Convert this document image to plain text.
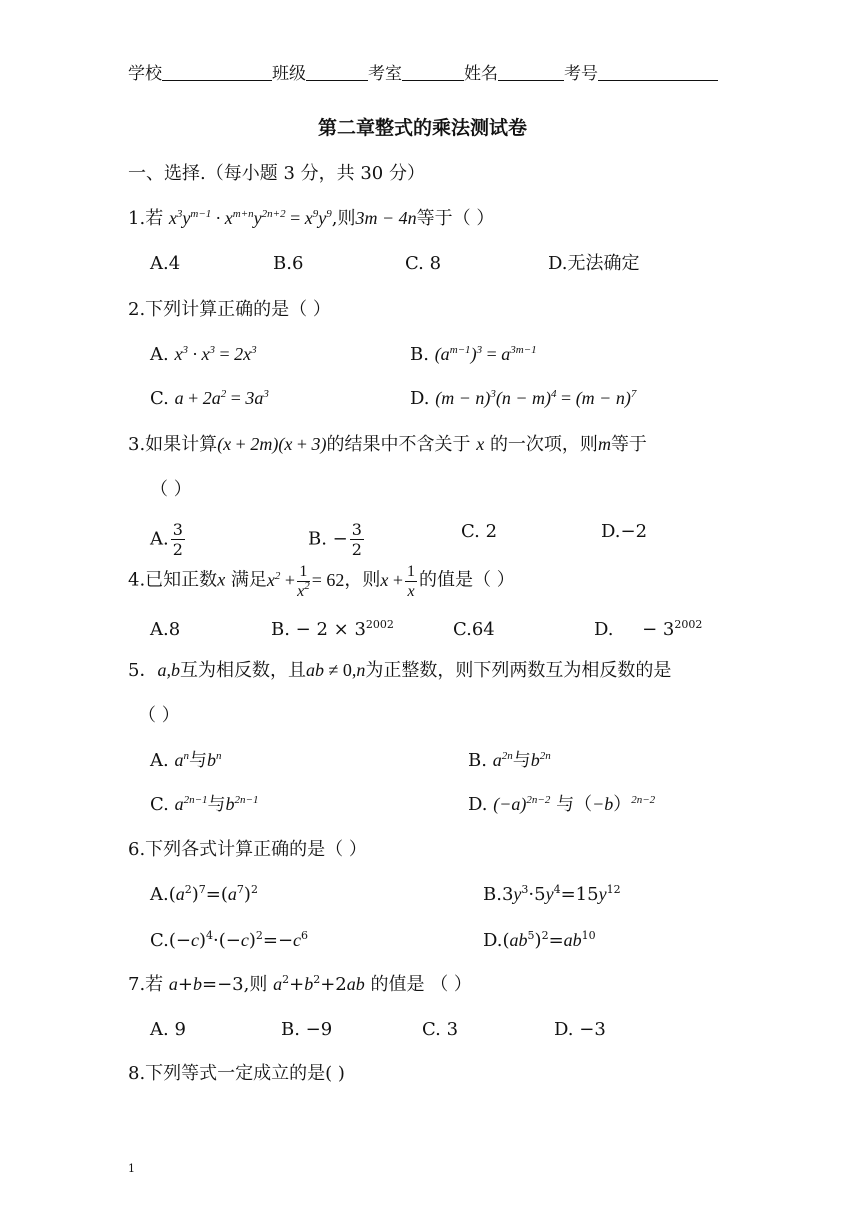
学校	班级	考室	姓名	考号
第二章整式的乘法测试卷
一、选择.（每小题 3 分，共 30 分）
1.若 $x^3y^{m-1} \cdot x^{m+n}y^{2n+2} = x^9y^9$,则3m − 4n等于（ ）
A.4	B.6	C. 8	D.无法确定
2.下列计算正确的是（ ）
A. $x^3 \cdot x^3 = 2x^3$	B. $(a^{m-1})^3 = a^{3m-1}$
C. $a + 2a^2 = 3a^3$	D. $(m - n)^3(n - m)^4 = (m - n)^7$
3.如果计算(x + 2m)(x + 3)的结果中不含关于 x 的一次项，则m等于
（ ）
A. $\frac{3}{2}$	B. − $\frac{3}{2}$	C. 2	D.−2
4.已知正数x 满足$x^2 + \frac{1}{x^2} = 62$，则$x + \frac{1}{x}$ 的值是（ ）
A.8	B. − $2 \times 3^{2002}$	C.64	D.     − $3^{2002}$
5．a,b互为相反数，且ab ≠ 0,n为正整数，则下列两数互为相反数的是
（ ）
A. $a^n$与$b^n$	B. $a^{2n}$与$b^{2n}$
C. $a^{2n-1}$与$b^{2n-1}$	D. $(-a)^{2n-2}$ 与$(-b)^{2n-2}$
6.下列各式计算正确的是（ ）
$A.(a^2)^7=(a^7)^2$	$B.3y^3\cdot 5y^4=15y^{12}$
$C.(-c)^4\cdot(-c)^2=-c^6$	$D.(ab^5)^2=ab^{10}$
7.若 a+b=−3,则 $a^2+b^2+2ab$ 的值是 （ ）
A. 9	B. −9	C. 3	D. −3
8.下列等式一定成立的是( )
1
